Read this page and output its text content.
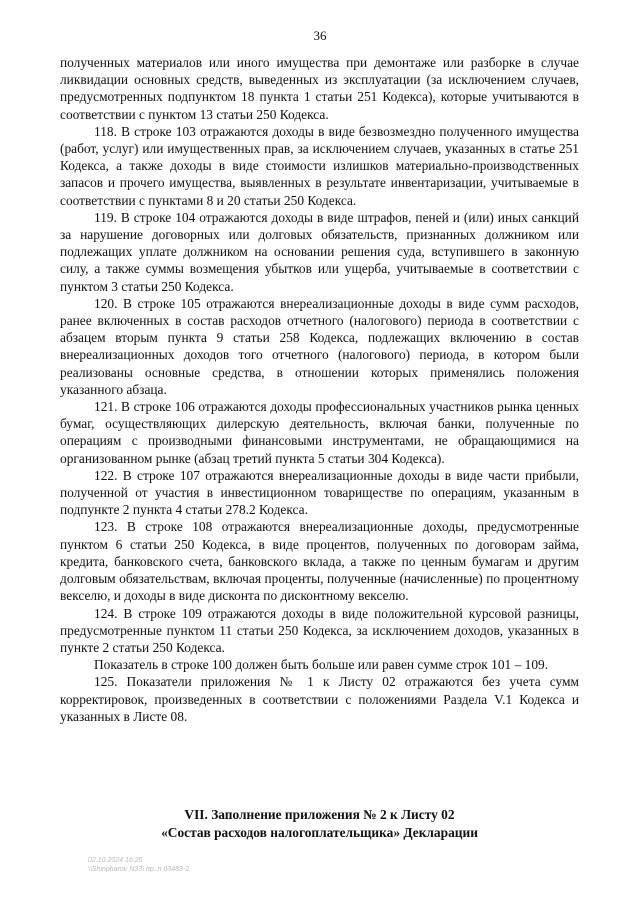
36

полученных материалов или иного имущества при демонтаже или разборке в случае ликвидации основных средств, выведенных из эксплуатации (за исключением случаев, предусмотренных подпунктом 18 пункта 1 статьи 251 Кодекса), которые учитываются в соответствии с пунктом 13 статьи 250 Кодекса.

118. В строке 103 отражаются доходы в виде безвозмездно полученного имущества (работ, услуг) или имущественных прав, за исключением случаев, указанных в статье 251 Кодекса, а также доходы в виде стоимости излишков материально-производственных запасов и прочего имущества, выявленных в результате инвентаризации, учитываемые в соответствии с пунктами 8 и 20 статьи 250 Кодекса.

119. В строке 104 отражаются доходы в виде штрафов, пеней и (или) иных санкций за нарушение договорных или долговых обязательств, признанных должником или подлежащих уплате должником на основании решения суда, вступившего в законную силу, а также суммы возмещения убытков или ущерба, учитываемые в соответствии с пунктом 3 статьи 250 Кодекса.

120. В строке 105 отражаются внереализационные доходы в виде сумм расходов, ранее включенных в состав расходов отчетного (налогового) периода в соответствии с абзацем вторым пункта 9 статьи 258 Кодекса, подлежащих включению в состав внереализационных доходов того отчетного (налогового) периода, в котором были реализованы основные средства, в отношении которых применялись положения указанного абзаца.

121. В строке 106 отражаются доходы профессиональных участников рынка ценных бумаг, осуществляющих дилерскую деятельность, включая банки, полученные по операциям с производными финансовыми инструментами, не обращающимися на организованном рынке (абзац третий пункта 5 статьи 304 Кодекса).

122. В строке 107 отражаются внереализационные доходы в виде части прибыли, полученной от участия в инвестиционном товариществе по операциям, указанным в подпункте 2 пункта 4 статьи 278.2 Кодекса.

123. В строке 108 отражаются внереализационные доходы, предусмотренные пунктом 6 статьи 250 Кодекса, в виде процентов, полученных по договорам займа, кредита, банковского счета, банковского вклада, а также по ценным бумагам и другим долговым обязательствам, включая проценты, полученные (начисленные) по процентному векселю, и доходы в виде дисконта по дисконтному векселю.

124. В строке 109 отражаются доходы в виде положительной курсовой разницы, предусмотренные пунктом 11 статьи 250 Кодекса, за исключением доходов, указанных в пункте 2 статьи 250 Кодекса.

Показатель в строке 100 должен быть больше или равен сумме строк 101 – 109.

125. Показатели приложения № 1 к Листу 02 отражаются без учета сумм корректировок, произведенных в соответствии с положениями Раздела V.1 Кодекса и указанных в Листе 08.

VII. Заполнение приложения № 2 к Листу 02
«Состав расходов налогоплательщика» Декларации
02.10.2024 16:25
\\Shinpharov N33\ пр..п 03483-2
